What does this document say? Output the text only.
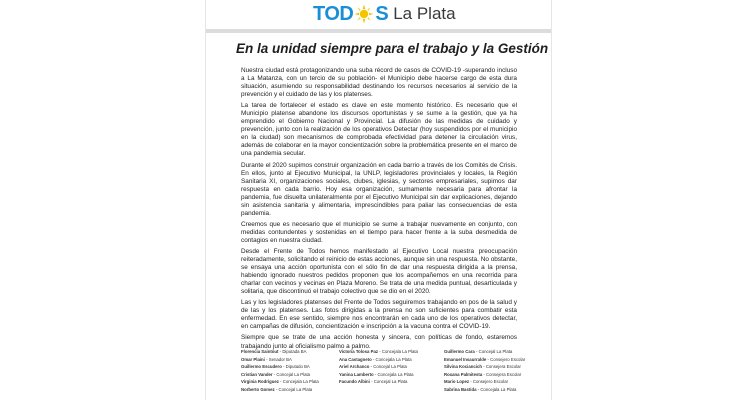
TOD S La Plata
En la unidad siempre para el trabajo y la Gestión

Nuestra ciudad está protagonizando una suba récord de casos de COVID-19 -superando incluso a La Matanza, con un tercio de su población- el Municipio debe hacerse cargo de esta dura situación, asumiendo su responsabilidad destinando los recursos necesarios al servicio de la prevención y el cuidado de las y los platenses.

La tarea de fortalecer el estado es clave en este momento histórico. Es necesario que el Municipio platense abandone los discursos oportunistas y se sume a la gestión, que ya ha emprendido el Gobierno Nacional y Provincial. La difusión de las medidas de cuidado y prevención, junto con la realización de los operativos Detectar (hoy suspendidos por el municipio en la ciudad) son mecanismos de comprobada efectividad para detener la circulación virus, además de colaborar en la mayor concientización sobre la problemática presente en el marco de una pandemia secular.

Durante el 2020 supimos construir organización en cada barrio a través de los Comités de Crisis. En ellos, junto al Ejecutivo Municipal, la UNLP, legisladores provinciales y locales, la Región Sanitaria XI, organizaciones sociales, clubes, iglesias, y sectores empresariales, supimos dar respuesta en cada barrio. Hoy esa organización, sumamente necesaria para afrontar la pandemia, fue disuelta unilateralmente por el Ejecutivo Municipal sin dar explicaciones, dejando sin asistencia sanitaria y alimentaria, imprescindibles para paliar las consecuencias de esta pandemia.

Creemos que es necesario que el municipio se sume a trabajar nuevamente en conjunto, con medidas contundentes y sostenidas en el tiempo para hacer frente a la suba desmedida de contagios en nuestra ciudad.

Desde el Frente de Todos hemos manifestado al Ejecutivo Local nuestra preocupación reiteradamente, solicitando el reinicio de estas acciones, aunque sin una respuesta. No obstante, se ensaya una acción oportunista con el sólo fin de dar una respuesta dirigida a la prensa, habiendo ignorado nuestros pedidos proponen que los acompañemos en una recorrida para charlar con vecinos y vecinas en Plaza Moreno. Se trata de una medida puntual, desarticulada y solitaria, que discontinuó el trabajo colectivo que se dio en el 2020.

Las y los legisladores platenses del Frente de Todos seguiremos trabajando en pos de la salud y de las y los platenses. Las fotos dirigidas a la prensa no son suficientes para combatir esta enfermedad. En ese sentido, siempre nos encontrarán en cada uno de los operativos detectar, en campañas de difusión, concientización e inscripción a la vacuna contra el COVID-19.

Siempre que se trate de una acción honesta y sincera, con políticas de fondo, estaremos trabajando junto al oficialismo palmo a palmo.

Florencia Saintout - Diputada BA	Victoria Tolosa Paz - Concejala La Plata	Guillermo Cara - Concejal La Plata
Omar Plaini - Senador BA	Ana Castagneto - Concejala La Plata	Emanuel Insaurralde - Consejero Escolar
Guillermo Escudero - Diputado BA	Ariel Archanco - Concejal La Plata	Silvina Kociancich - Consejera Escolar
Cristian Vander - Concejal La Plata	Yanina Lamberto - Concejala La Plata	Roxana Palmitesta - Consejera Escolar
Virginia Rodríguez - Concejala La Plata	Facundo Albini - Concejal La Plata	Mario Lopez - Consejero Escolar
Norberto Gomez - Concejal La Plata	Sabrina Bastida - Concejala La Plata
